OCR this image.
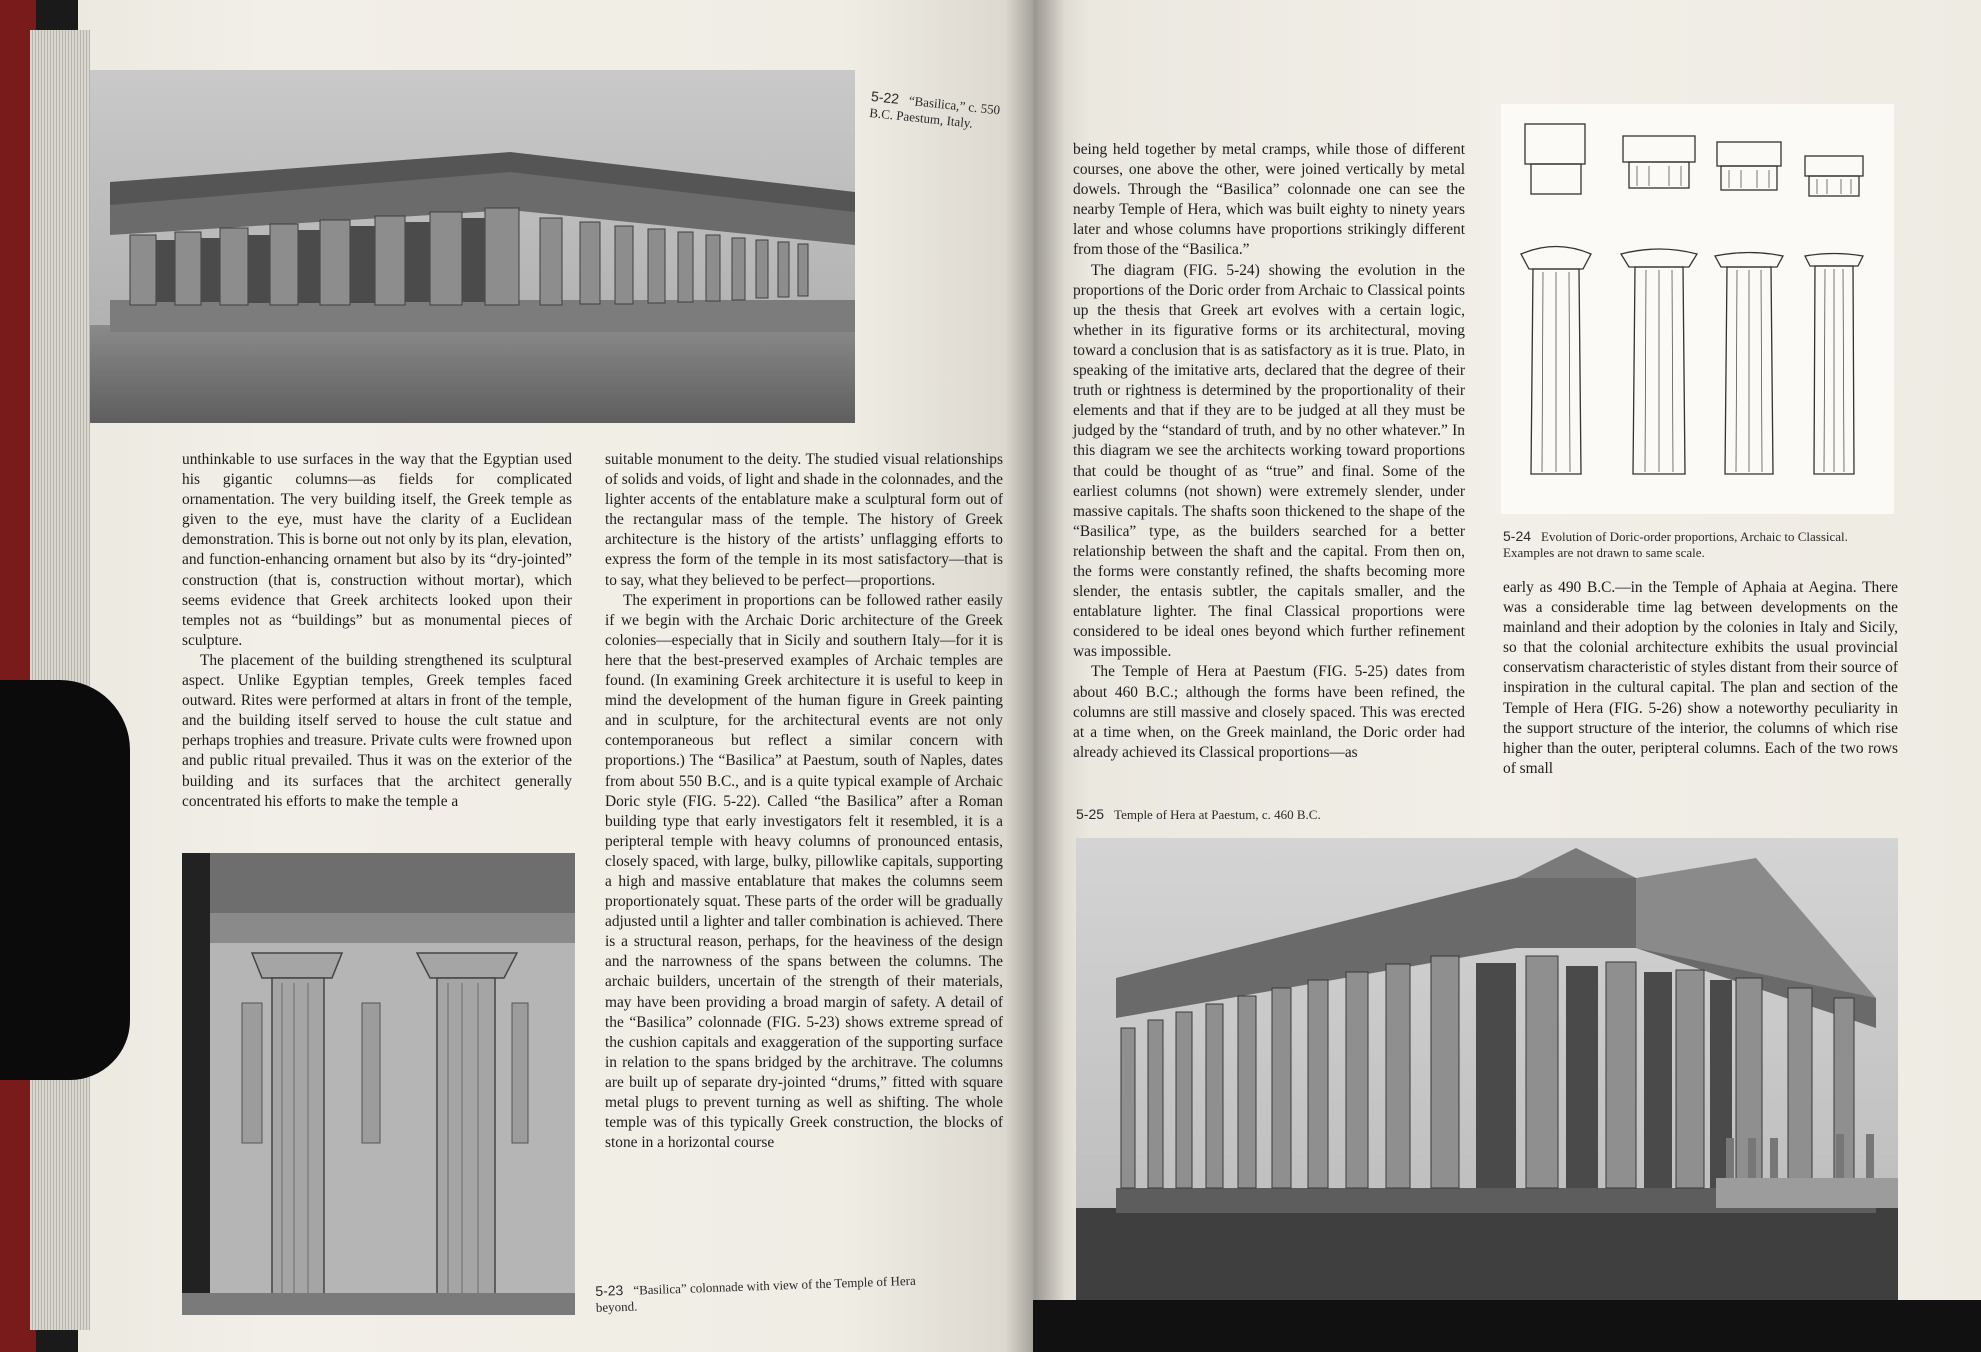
5-22 “Basilica,” c. 550 B.C. Paestum, Italy.

unthinkable to use surfaces in the way that the Egyptian used his gigantic columns—as fields for complicated ornamentation. The very building itself, the Greek temple as given to the eye, must have the clarity of a Euclidean demonstration. This is borne out not only by its plan, elevation, and function-enhancing ornament but also by its “dry-jointed” construction (that is, construction without mortar), which seems evidence that Greek architects looked upon their temples not as “buildings” but as monumental pieces of sculpture.

The placement of the building strengthened its sculptural aspect. Unlike Egyptian temples, Greek temples faced outward. Rites were performed at altars in front of the temple, and the building itself served to house the cult statue and perhaps trophies and treasure. Private cults were frowned upon and public ritual prevailed. Thus it was on the exterior of the building and its surfaces that the architect generally concentrated his efforts to make the temple a

suitable monument to the deity. The studied visual relationships of solids and voids, of light and shade in the colonnades, and the lighter accents of the entablature make a sculptural form out of the rectangular mass of the temple. The history of Greek architecture is the history of the artists’ unflagging efforts to express the form of the temple in its most satisfactory—that is to say, what they believed to be perfect—proportions.

The experiment in proportions can be followed rather easily if we begin with the Archaic Doric architecture of the Greek colonies—especially that in Sicily and southern Italy—for it is here that the best-preserved examples of Archaic temples are found. (In examining Greek architecture it is useful to keep in mind the development of the human figure in Greek painting and in sculpture, for the architectural events are not only contemporaneous but reflect a similar concern with proportions.) The “Basilica” at Paestum, south of Naples, dates from about 550 B.C., and is a quite typical example of Archaic Doric style (FIG. 5-22). Called “the Basilica” after a Roman building type that early investigators felt it resembled, it is a peripteral temple with heavy columns of pronounced entasis, closely spaced, with large, bulky, pillowlike capitals, supporting a high and massive entablature that makes the columns seem proportionately squat. These parts of the order will be gradually adjusted until a lighter and taller combination is achieved. There is a structural reason, perhaps, for the heaviness of the design and the narrowness of the spans between the columns. The archaic builders, uncertain of the strength of their materials, may have been providing a broad margin of safety. A detail of the “Basilica” colonnade (FIG. 5-23) shows extreme spread of the cushion capitals and exaggeration of the supporting surface in relation to the spans bridged by the architrave. The columns are built up of separate dry-jointed “drums,” fitted with square metal plugs to prevent turning as well as shifting. The whole temple was of this typically Greek construction, the blocks of stone in a horizontal course

5-23 “Basilica” colonnade with view of the Temple of Hera beyond.

being held together by metal cramps, while those of different courses, one above the other, were joined vertically by metal dowels. Through the “Basilica” colonnade one can see the nearby Temple of Hera, which was built eighty to ninety years later and whose columns have proportions strikingly different from those of the “Basilica.”

The diagram (FIG. 5-24) showing the evolution in the proportions of the Doric order from Archaic to Classical points up the thesis that Greek art evolves with a certain logic, whether in its figurative forms or its architectural, moving toward a conclusion that is as satisfactory as it is true. Plato, in speaking of the imitative arts, declared that the degree of their truth or rightness is determined by the proportionality of their elements and that if they are to be judged at all they must be judged by the “standard of truth, and by no other whatever.” In this diagram we see the architects working toward proportions that could be thought of as “true” and final. Some of the earliest columns (not shown) were extremely slender, under massive capitals. The shafts soon thickened to the shape of the “Basilica” type, as the builders searched for a better relationship between the shaft and the capital. From then on, the forms were constantly refined, the shafts becoming more slender, the entasis subtler, the capitals smaller, and the entablature lighter. The final Classical proportions were considered to be ideal ones beyond which further refinement was impossible.

The Temple of Hera at Paestum (FIG. 5-25) dates from about 460 B.C.; although the forms have been refined, the columns are still massive and closely spaced. This was erected at a time when, on the Greek mainland, the Doric order had already achieved its Classical proportions—as

5-24 Evolution of Doric-order proportions, Archaic to Classical. Examples are not drawn to same scale.

early as 490 B.C.—in the Temple of Aphaia at Aegina. There was a considerable time lag between developments on the mainland and their adoption by the colonies in Italy and Sicily, so that the colonial architecture exhibits the usual provincial conservatism characteristic of styles distant from their source of inspiration in the cultural capital. The plan and section of the Temple of Hera (FIG. 5-26) show a noteworthy peculiarity in the support structure of the interior, the columns of which rise higher than the outer, peripteral columns. Each of the two rows of small

5-25 Temple of Hera at Paestum, c. 460 B.C.
